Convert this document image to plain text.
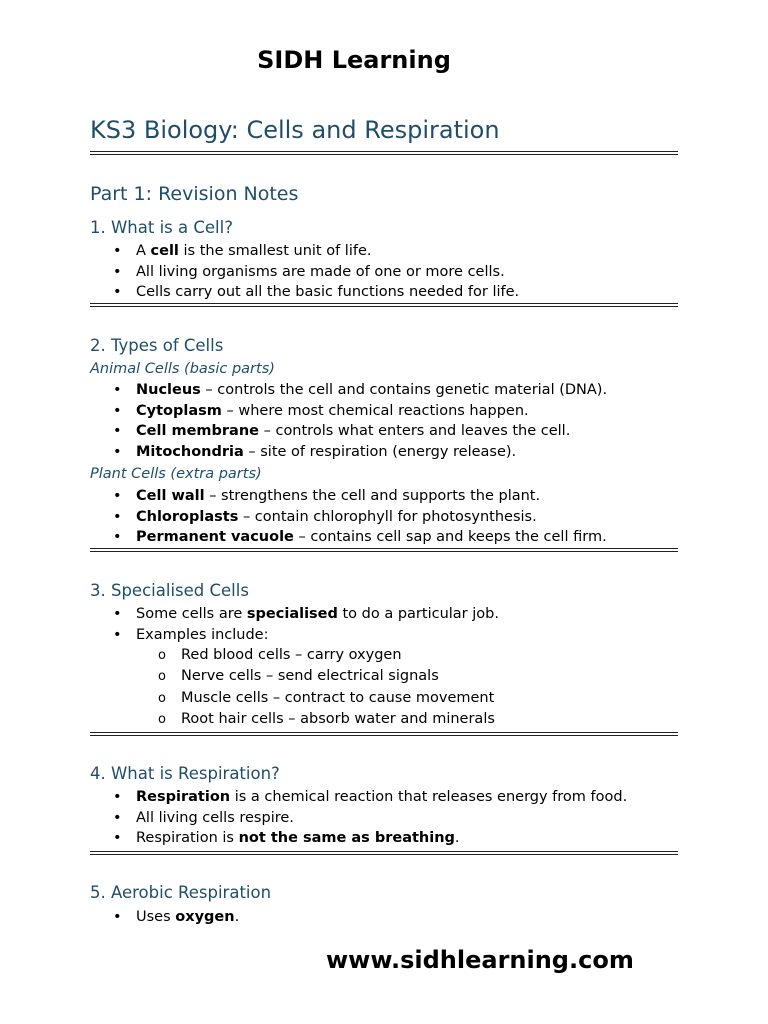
SIDH Learning
KS3 Biology: Cells and Respiration
Part 1: Revision Notes
1. What is a Cell?
• A cell is the smallest unit of life.
• All living organisms are made of one or more cells.
• Cells carry out all the basic functions needed for life.
2. Types of Cells
Animal Cells (basic parts)
• Nucleus – controls the cell and contains genetic material (DNA).
• Cytoplasm – where most chemical reactions happen.
• Cell membrane – controls what enters and leaves the cell.
• Mitochondria – site of respiration (energy release).
Plant Cells (extra parts)
• Cell wall – strengthens the cell and supports the plant.
• Chloroplasts – contain chlorophyll for photosynthesis.
• Permanent vacuole – contains cell sap and keeps the cell firm.
3. Specialised Cells
• Some cells are specialised to do a particular job.
• Examples include:
o Red blood cells – carry oxygen
o Nerve cells – send electrical signals
o Muscle cells – contract to cause movement
o Root hair cells – absorb water and minerals
4. What is Respiration?
• Respiration is a chemical reaction that releases energy from food.
• All living cells respire.
• Respiration is not the same as breathing.
5. Aerobic Respiration
• Uses oxygen.
www.sidhlearning.com
